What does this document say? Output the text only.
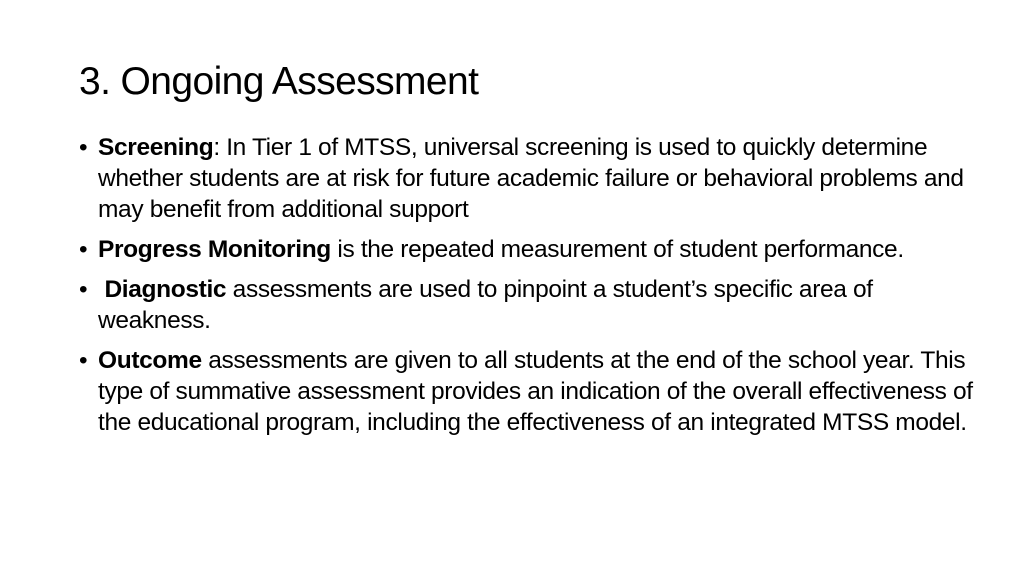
3. Ongoing Assessment
• Screening: In Tier 1 of MTSS, universal screening is used to quickly determine whether students are at risk for future academic failure or behavioral problems and may benefit from additional support
• Progress Monitoring is the repeated measurement of student performance.
• Diagnostic assessments are used to pinpoint a student’s specific area of weakness.
• Outcome assessments are given to all students at the end of the school year. This type of summative assessment provides an indication of the overall effectiveness of the educational program, including the effectiveness of an integrated MTSS model.
